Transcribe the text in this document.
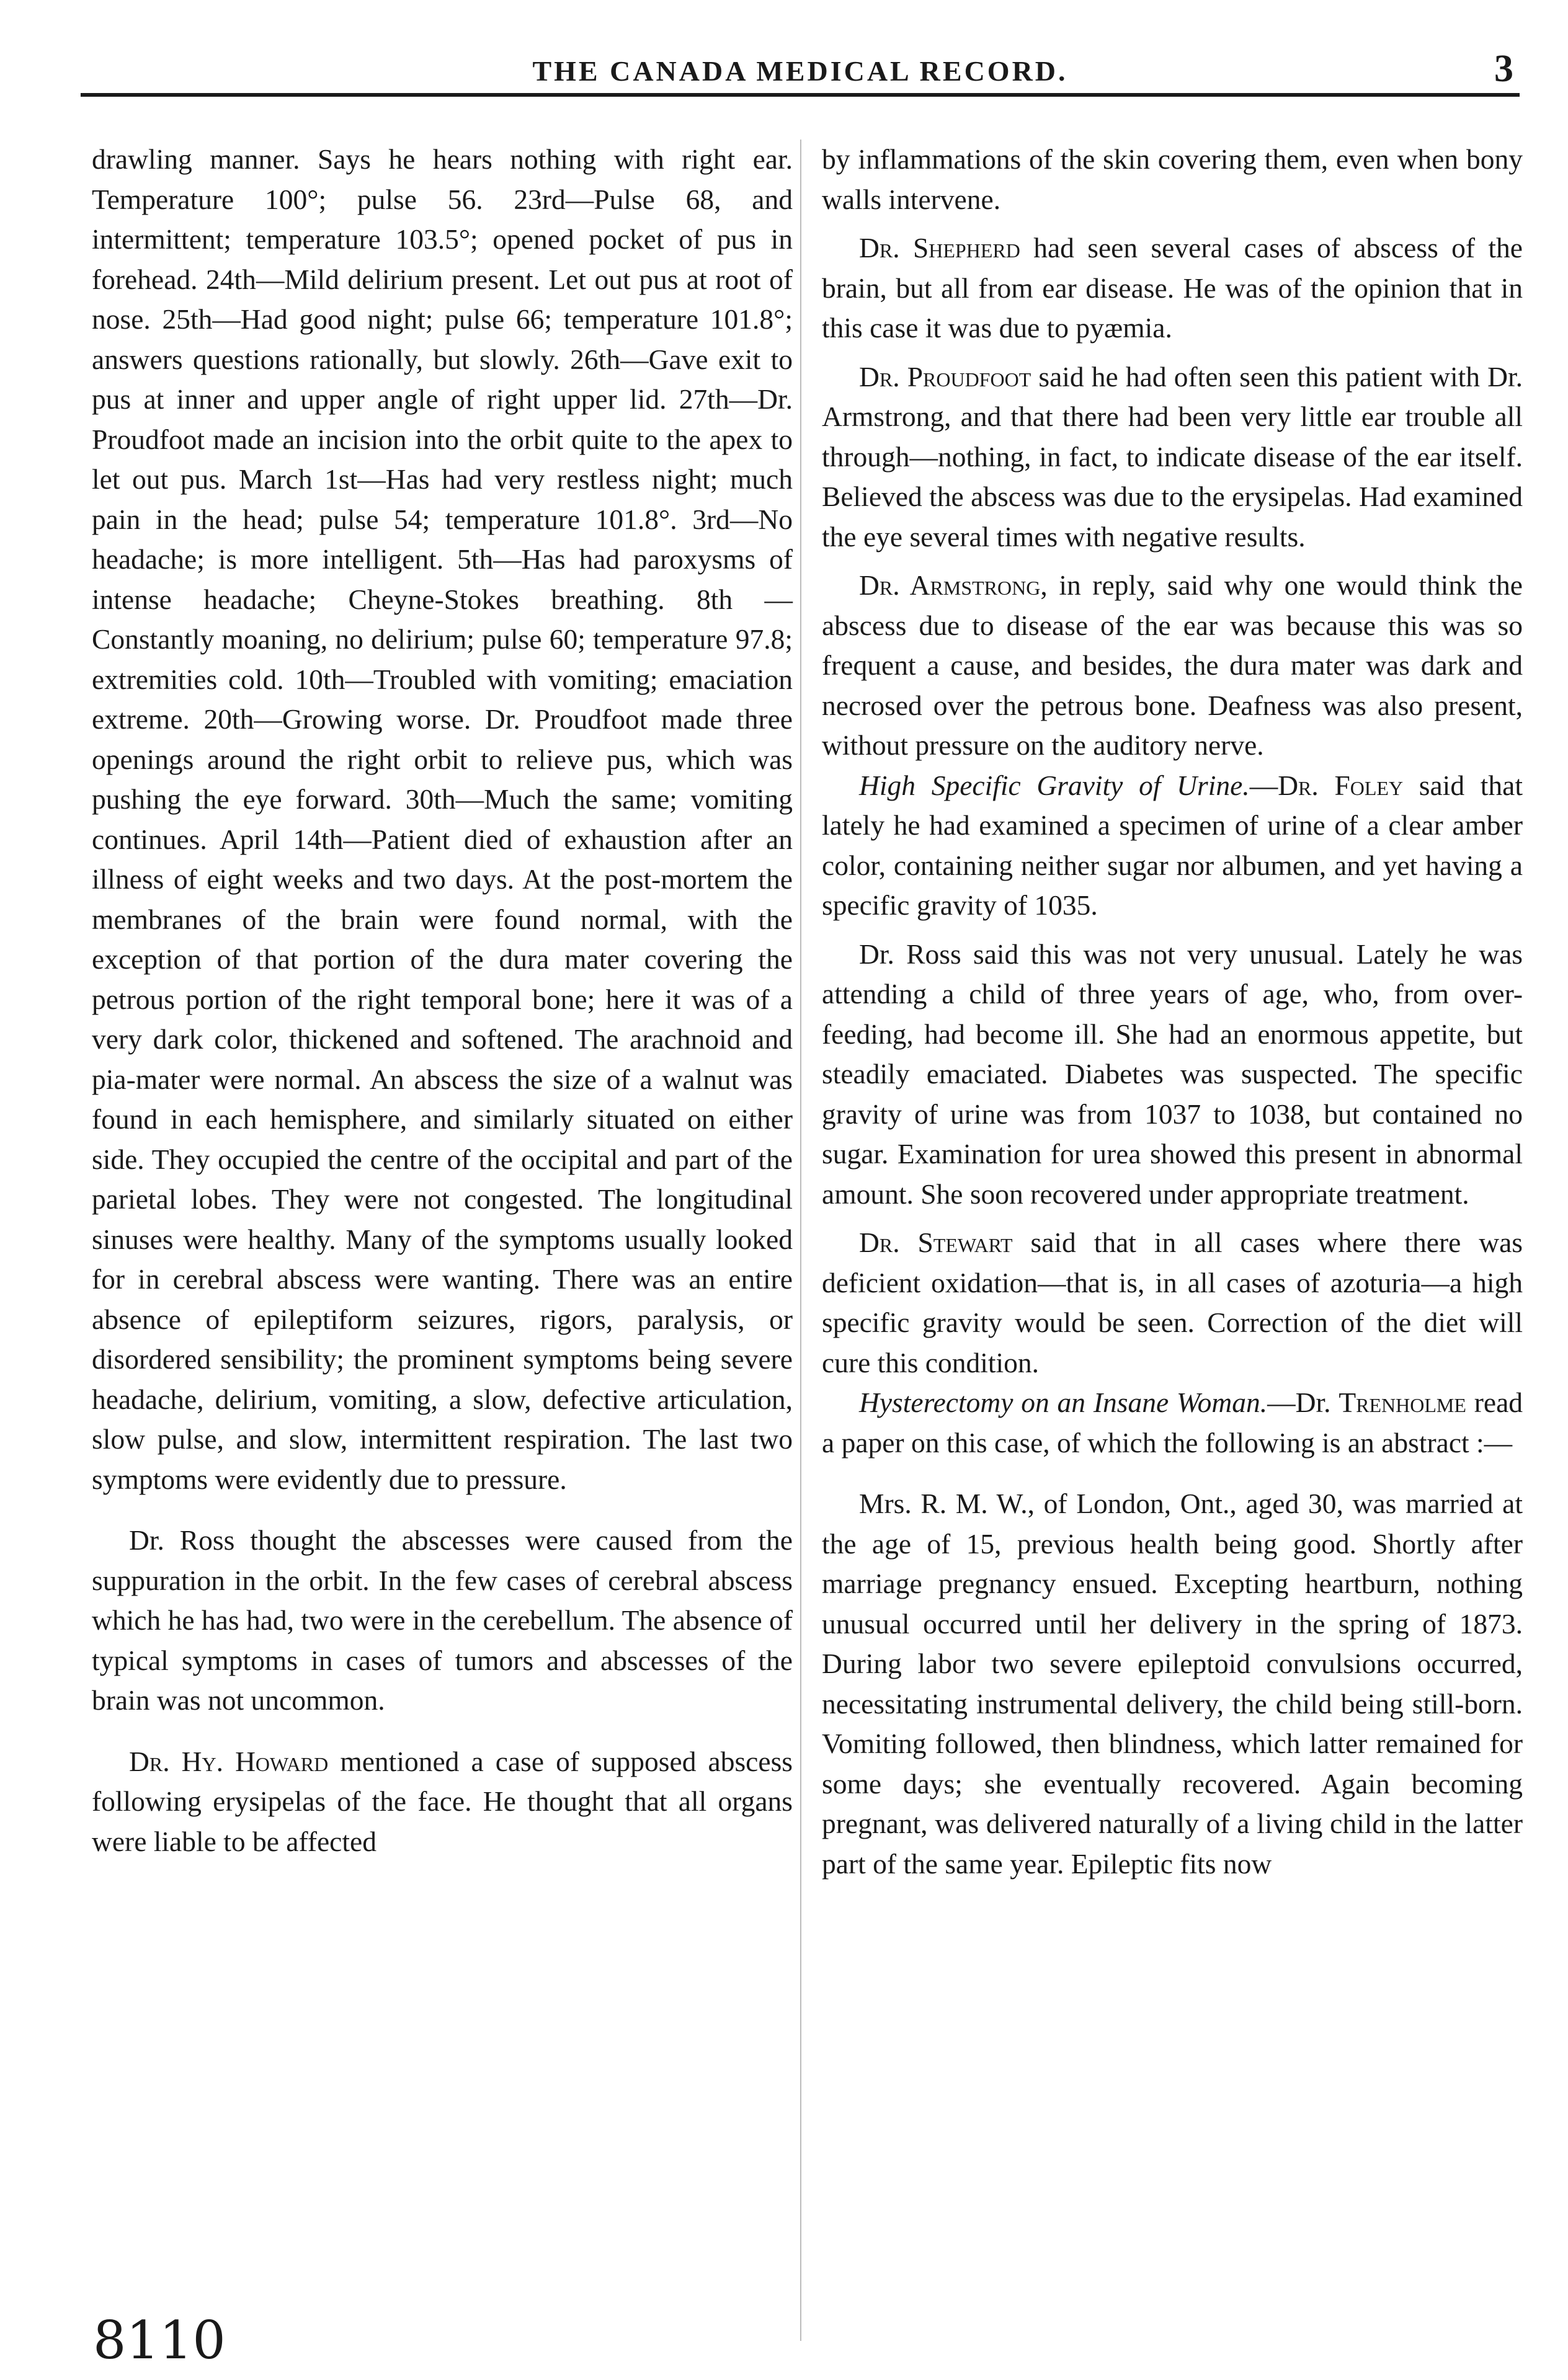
THE CANADA MEDICAL RECORD.	3

drawling manner. Says he hears nothing with right ear. Temperature 100°; pulse 56. 23rd—Pulse 68, and intermittent; temperature 103.5°; opened pocket of pus in forehead. 24th—Mild delirium present. Let out pus at root of nose. 25th—Had good night; pulse 66; temperature 101.8°; answers questions rationally, but slowly. 26th—Gave exit to pus at inner and upper angle of right upper lid. 27th—Dr. Proudfoot made an incision into the orbit quite to the apex to let out pus. March 1st—Has had very restless night; much pain in the head; pulse 54; temperature 101.8°. 3rd—No headache; is more intelligent. 5th—Has had paroxysms of intense headache; Cheyne-Stokes breathing. 8th — Constantly moaning, no delirium; pulse 60; temperature 97.8; extremities cold. 10th—Troubled with vomiting; emaciation extreme. 20th—Growing worse. Dr. Proudfoot made three openings around the right orbit to relieve pus, which was pushing the eye forward. 30th—Much the same; vomiting continues. April 14th—Patient died of exhaustion after an illness of eight weeks and two days. At the post-mortem the membranes of the brain were found normal, with the exception of that portion of the dura mater covering the petrous portion of the right temporal bone; here it was of a very dark color, thickened and softened. The arachnoid and pia-mater were normal. An abscess the size of a walnut was found in each hemisphere, and similarly situated on either side. They occupied the centre of the occipital and part of the parietal lobes. They were not congested. The longitudinal sinuses were healthy. Many of the symptoms usually looked for in cerebral abscess were wanting. There was an entire absence of epileptiform seizures, rigors, paralysis, or disordered sensibility; the prominent symptoms being severe headache, delirium, vomiting, a slow, defective articulation, slow pulse, and slow, intermittent respiration. The last two symptoms were evidently due to pressure.

Dr. Ross thought the abscesses were caused from the suppuration in the orbit. In the few cases of cerebral abscess which he has had, two were in the cerebellum. The absence of typical symptoms in cases of tumors and abscesses of the brain was not uncommon.

Dr. Hy. Howard mentioned a case of supposed abscess following erysipelas of the face. He thought that all organs were liable to be affected

by inflammations of the skin covering them, even when bony walls intervene.

Dr. Shepherd had seen several cases of abscess of the brain, but all from ear disease. He was of the opinion that in this case it was due to pyæmia.

Dr. Proudfoot said he had often seen this patient with Dr. Armstrong, and that there had been very little ear trouble all through—nothing, in fact, to indicate disease of the ear itself. Believed the abscess was due to the erysipelas. Had examined the eye several times with negative results.

Dr. Armstrong, in reply, said why one would think the abscess due to disease of the ear was because this was so frequent a cause, and besides, the dura mater was dark and necrosed over the petrous bone. Deafness was also present, without pressure on the auditory nerve.

High Specific Gravity of Urine.—Dr. Foley said that lately he had examined a specimen of urine of a clear amber color, containing neither sugar nor albumen, and yet having a specific gravity of 1035.

Dr. Ross said this was not very unusual. Lately he was attending a child of three years of age, who, from over-feeding, had become ill. She had an enormous appetite, but steadily emaciated. Diabetes was suspected. The specific gravity of urine was from 1037 to 1038, but contained no sugar. Examination for urea showed this present in abnormal amount. She soon recovered under appropriate treatment.

Dr. Stewart said that in all cases where there was deficient oxidation—that is, in all cases of azoturia—a high specific gravity would be seen. Correction of the diet will cure this condition.

Hysterectomy on an Insane Woman.—Dr. Trenholme read a paper on this case, of which the following is an abstract :—

Mrs. R. M. W., of London, Ont., aged 30, was married at the age of 15, previous health being good. Shortly after marriage pregnancy ensued. Excepting heartburn, nothing unusual occurred until her delivery in the spring of 1873. During labor two severe epileptoid convulsions occurred, necessitating instrumental delivery, the child being still-born. Vomiting followed, then blindness, which latter remained for some days; she eventually recovered. Again becoming pregnant, was delivered naturally of a living child in the latter part of the same year. Epileptic fits now

8110
